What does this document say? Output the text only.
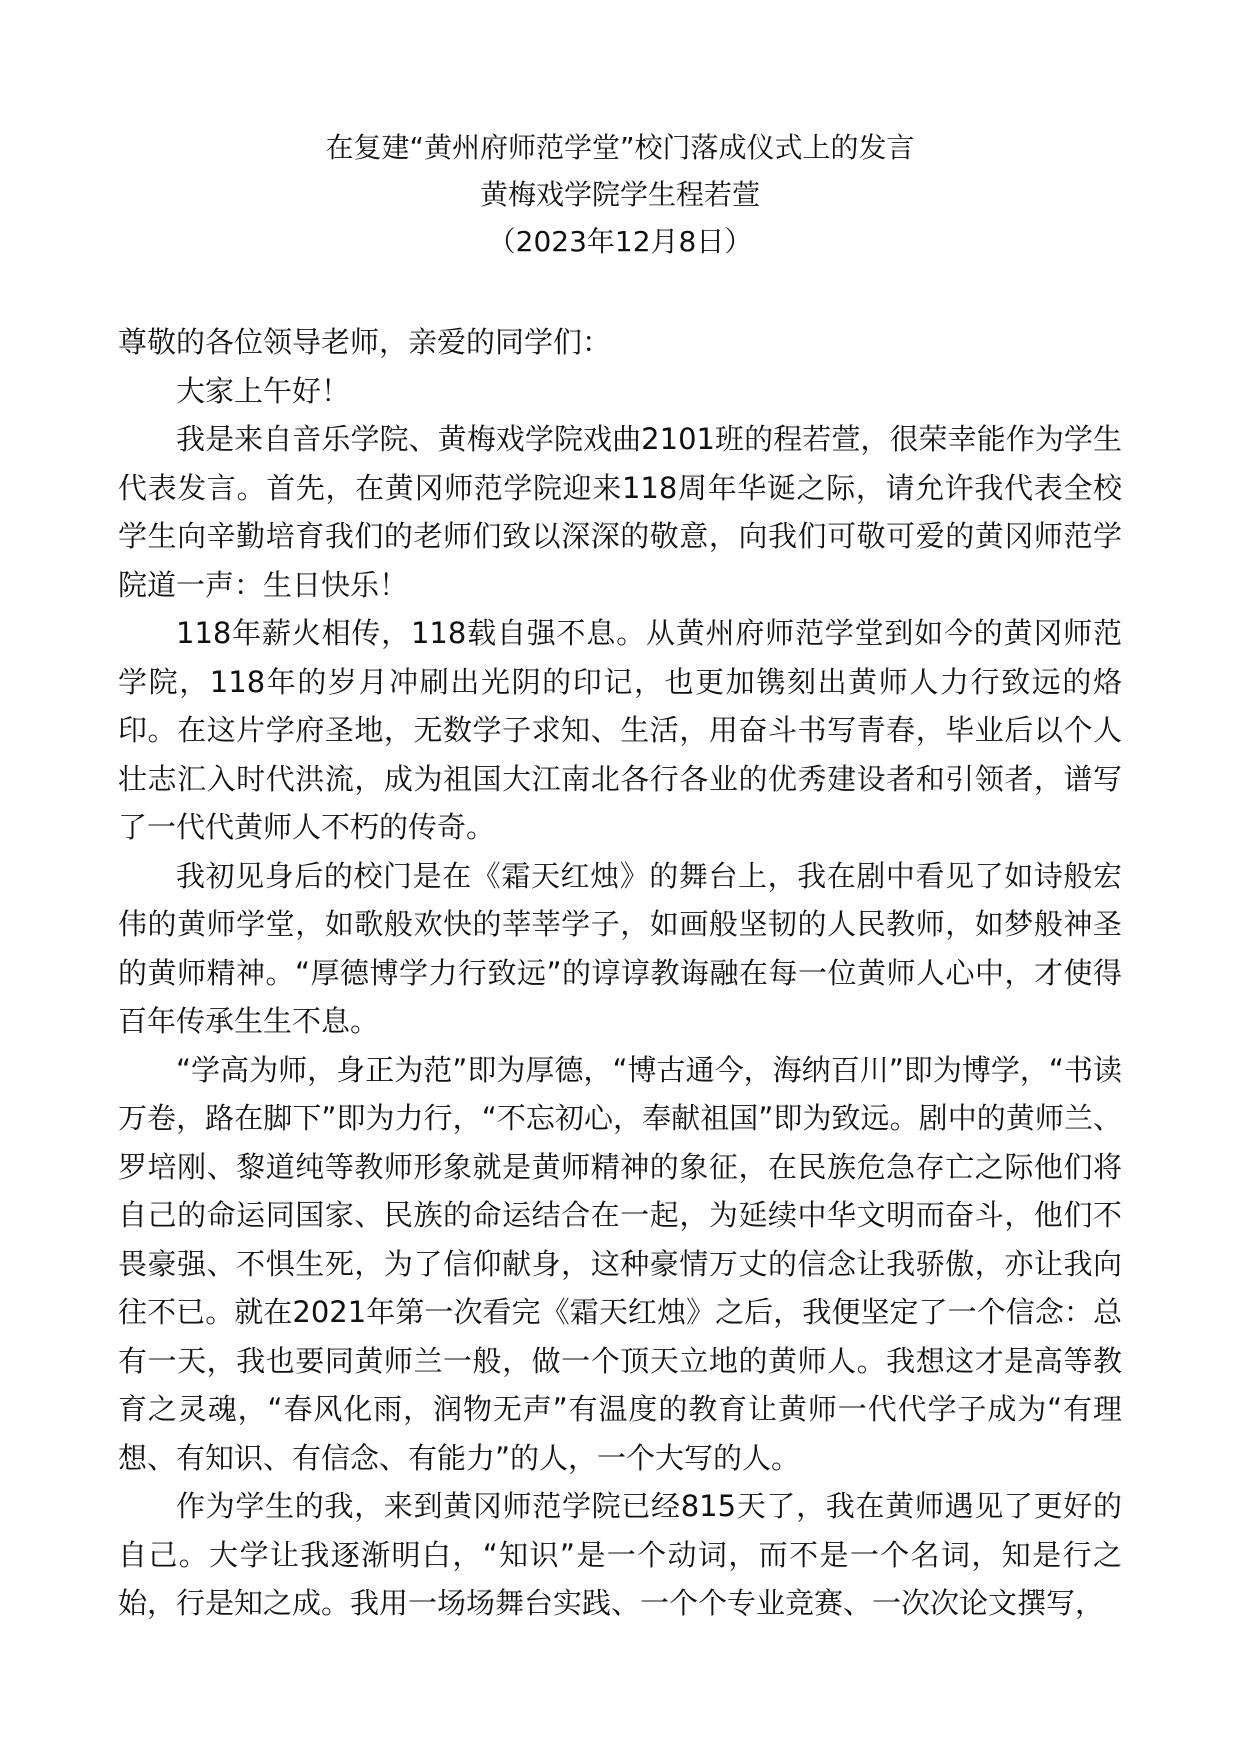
在复建“黄州府师范学堂”校门落成仪式上的发言
黄梅戏学院学生程若萱
（2023年12月8日）

尊敬的各位领导老师，亲爱的同学们：

大家上午好！

我是来自音乐学院、黄梅戏学院戏曲2101班的程若萱，很荣幸能作为学生代表发言。首先，在黄冈师范学院迎来118周年华诞之际，请允许我代表全校学生向辛勤培育我们的老师们致以深深的敬意，向我们可敬可爱的黄冈师范学院道一声：生日快乐！

118年薪火相传，118载自强不息。从黄州府师范学堂到如今的黄冈师范学院，118年的岁月冲刷出光阴的印记，也更加镌刻出黄师人力行致远的烙印。在这片学府圣地，无数学子求知、生活，用奋斗书写青春，毕业后以个人壮志汇入时代洪流，成为祖国大江南北各行各业的优秀建设者和引领者，谱写了一代代黄师人不朽的传奇。

我初见身后的校门是在《霜天红烛》的舞台上，我在剧中看见了如诗般宏伟的黄师学堂，如歌般欢快的莘莘学子，如画般坚韧的人民教师，如梦般神圣的黄师精神。“厚德博学力行致远”的谆谆教诲融在每一位黄师人心中，才使得百年传承生生不息。

“学高为师，身正为范”即为厚德，“博古通今，海纳百川”即为博学，“书读万卷，路在脚下”即为力行，“不忘初心，奉献祖国”即为致远。剧中的黄师兰、罗培刚、黎道纯等教师形象就是黄师精神的象征，在民族危急存亡之际他们将自己的命运同国家、民族的命运结合在一起，为延续中华文明而奋斗，他们不畏豪强、不惧生死，为了信仰献身，这种豪情万丈的信念让我骄傲，亦让我向往不已。就在2021年第一次看完《霜天红烛》之后，我便坚定了一个信念：总有一天，我也要同黄师兰一般，做一个顶天立地的黄师人。我想这才是高等教育之灵魂，“春风化雨，润物无声”有温度的教育让黄师一代代学子成为“有理想、有知识、有信念、有能力”的人，一个大写的人。

作为学生的我，来到黄冈师范学院已经815天了，我在黄师遇见了更好的自己。大学让我逐渐明白，“知识”是一个动词，而不是一个名词，知是行之始，行是知之成。我用一场场舞台实践、一个个专业竞赛、一次次论文撰写，
